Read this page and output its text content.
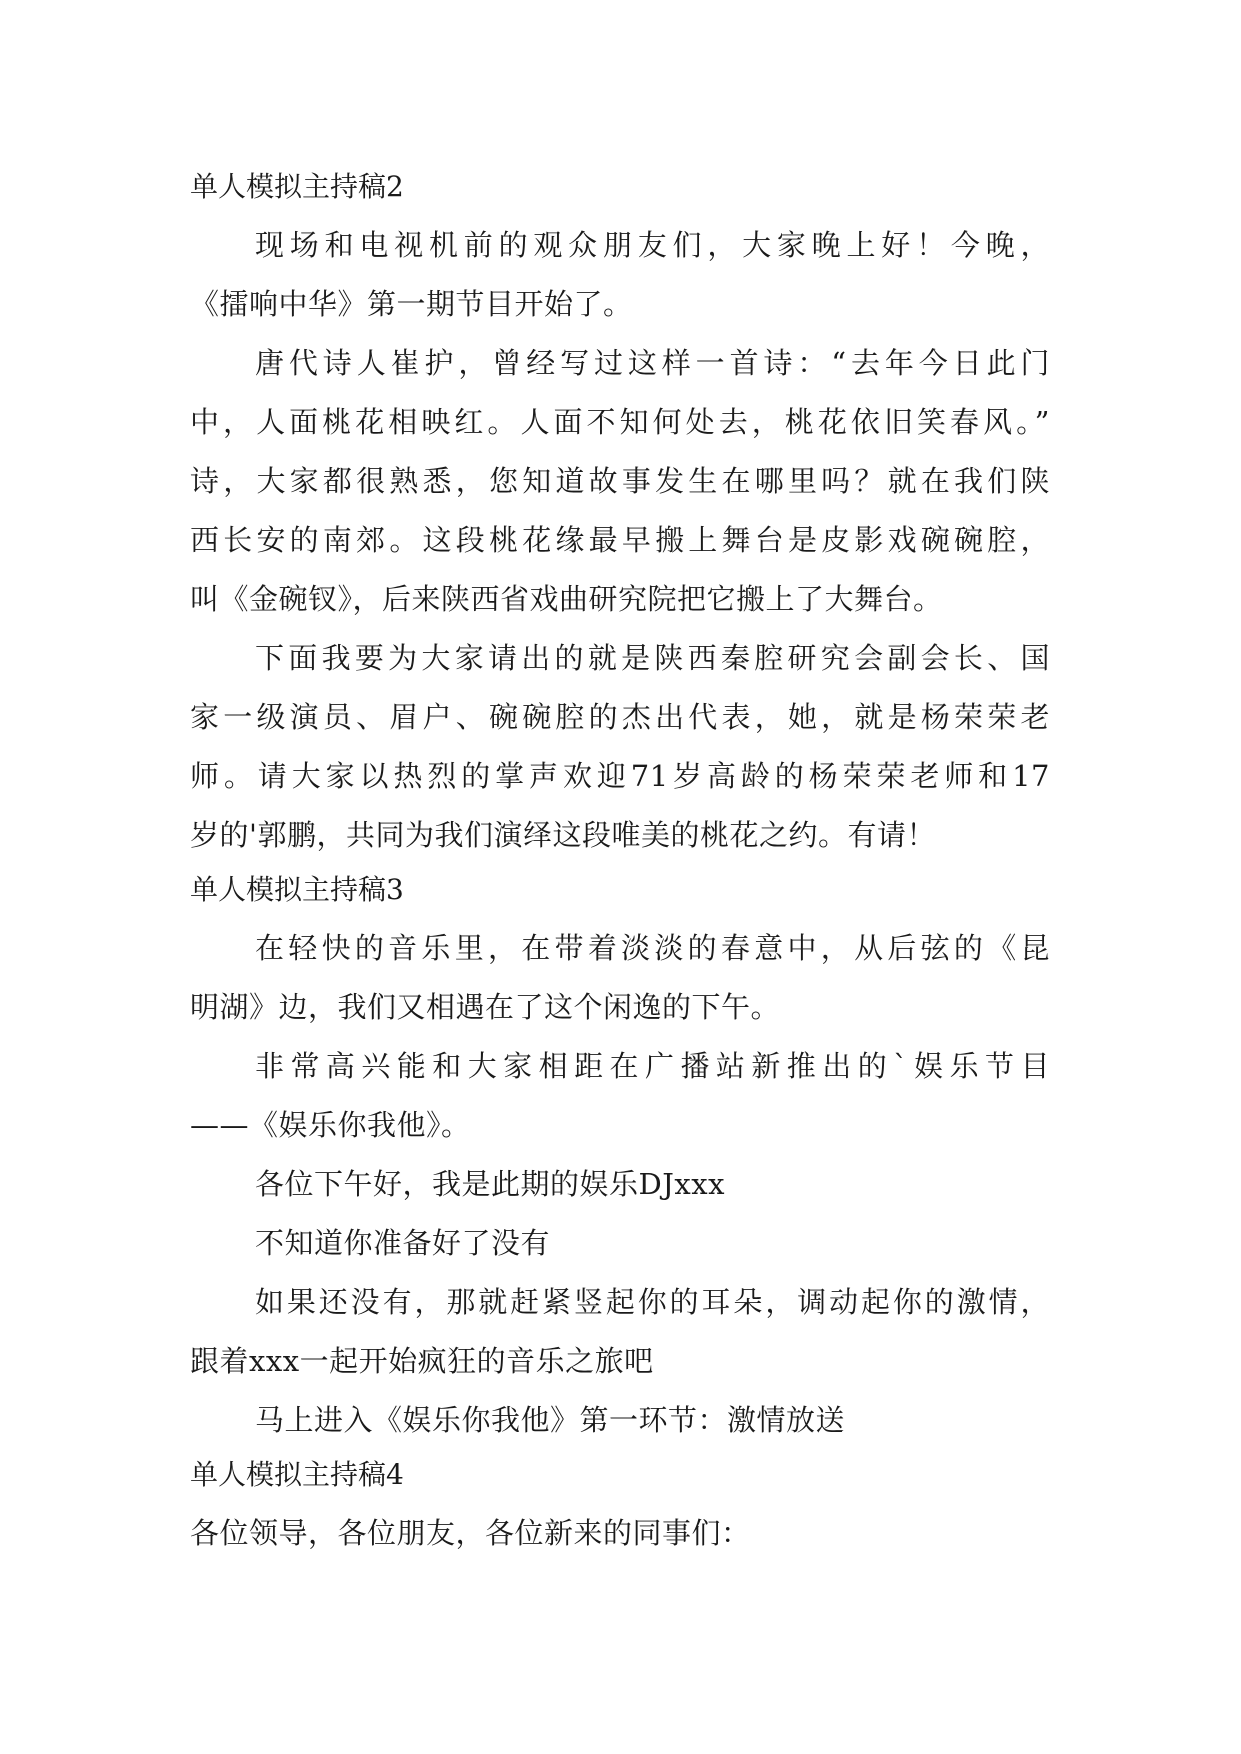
单人模拟主持稿2
现场和电视机前的观众朋友们，大家晚上好！今晚，
《擂响中华》第一期节目开始了。
唐代诗人崔护，曾经写过这样一首诗：“去年今日此门
中，人面桃花相映红。人面不知何处去，桃花依旧笑春风。”
诗，大家都很熟悉，您知道故事发生在哪里吗？就在我们陕
西长安的南郊。这段桃花缘最早搬上舞台是皮影戏碗碗腔，
叫《金碗钗》，后来陕西省戏曲研究院把它搬上了大舞台。
下面我要为大家请出的就是陕西秦腔研究会副会长、国
家一级演员、眉户、碗碗腔的杰出代表，她，就是杨荣荣老
师。请大家以热烈的掌声欢迎71岁高龄的杨荣荣老师和17
岁的'郭鹏，共同为我们演绎这段唯美的桃花之约。有请！
单人模拟主持稿3
在轻快的音乐里，在带着淡淡的春意中，从后弦的《昆
明湖》边，我们又相遇在了这个闲逸的下午。
非常高兴能和大家相距在广播站新推出的`娱乐节目
——《娱乐你我他》。
各位下午好，我是此期的娱乐DJxxx
不知道你准备好了没有
如果还没有，那就赶紧竖起你的耳朵，调动起你的激情，
跟着xxx一起开始疯狂的音乐之旅吧
马上进入《娱乐你我他》第一环节：激情放送
单人模拟主持稿4
各位领导，各位朋友，各位新来的同事们：
